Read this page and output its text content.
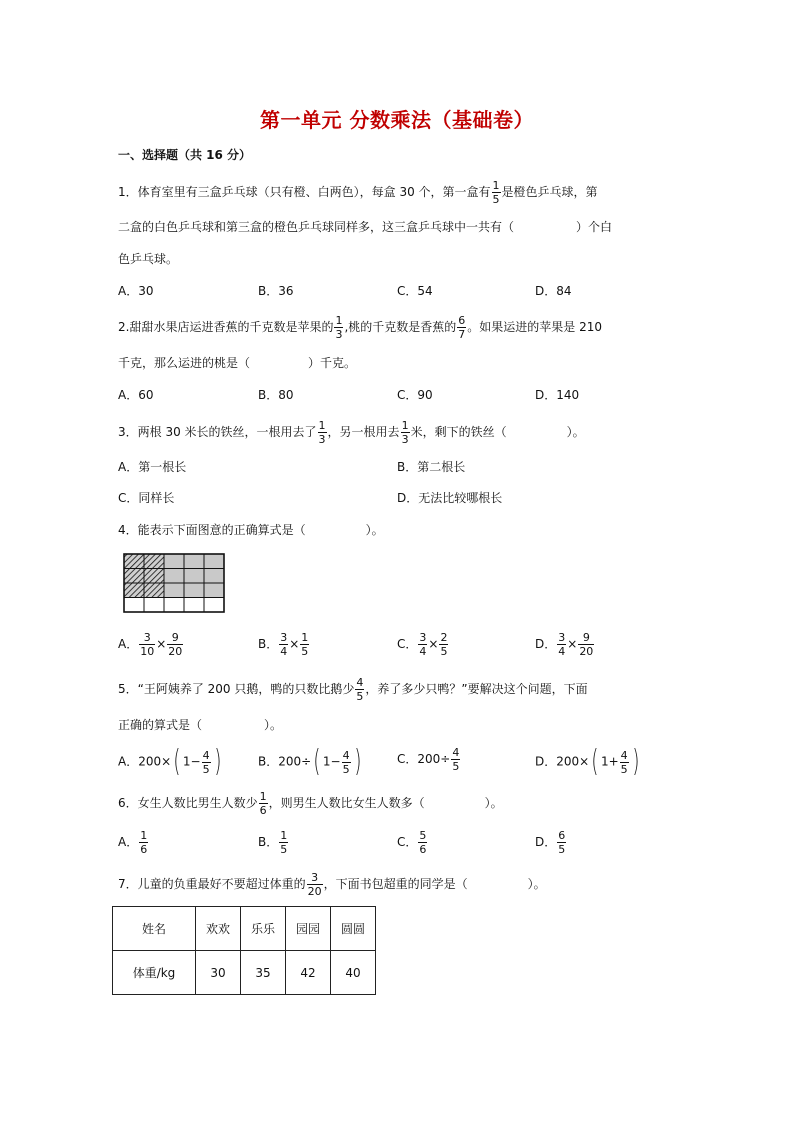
第一单元 分数乘法（基础卷）
一、选择题（共 16 分）
1．体育室里有三盒乒乓球（只有橙、白两色），每盒 30 个，第一盒有 $\frac{1}{5}$ 是橙色乒乓球，第
二盒的白色乒乓球和第三盒的橙色乒乓球同样多，这三盒乒乓球中一共有（	）个白
色乒乓球。
A．30	B．36	C．54	D．84
2.甜甜水果店运进香蕉的千克数是苹果的 $\frac{1}{3}$ ,桃的千克数是香蕉的 $\frac{6}{7}$ 。如果运进的苹果是 210
千克，那么运进的桃是（	）千克。
A．60	B．80	C．90	D．140
3．两根 30 米长的铁丝，一根用去了 $\frac{1}{3}$ ，另一根用去 $\frac{1}{3}$ 米，剩下的铁丝（	）。
A．第一根长	B．第二根长
C．同样长	D．无法比较哪根长
4．能表示下面图意的正确算式是（	）。
A． $\frac{3}{10} \times \frac{9}{20}$	B． $\frac{3}{4} \times \frac{1}{5}$	C． $\frac{3}{4} \times \frac{2}{5}$	D． $\frac{3}{4} \times \frac{9}{20}$
5．“王阿姨养了 200 只鹅，鸭的只数比鹅少 $\frac{4}{5}$ ，养了多少只鸭？”要解决这个问题，下面
正确的算式是（	）。
A．200×( $1- \frac{4}{5}$ )	B．200÷( $1- \frac{4}{5}$ )	C．$200\div \frac{4}{5}$	D．200×( $1+ \frac{4}{5}$ )
6．女生人数比男生人数少 $\frac{1}{6}$ ，则男生人数比女生人数多（	）。
A． $\frac{1}{6}$	B． $\frac{1}{5}$	C． $\frac{5}{6}$	D． $\frac{6}{5}$
7．儿童的负重最好不要超过体重的 $\frac{3}{20}$ ，下面书包超重的同学是（	）。
姓名	欢欢	乐乐	园园	圆圆
体重/kg	30	35	42	40
